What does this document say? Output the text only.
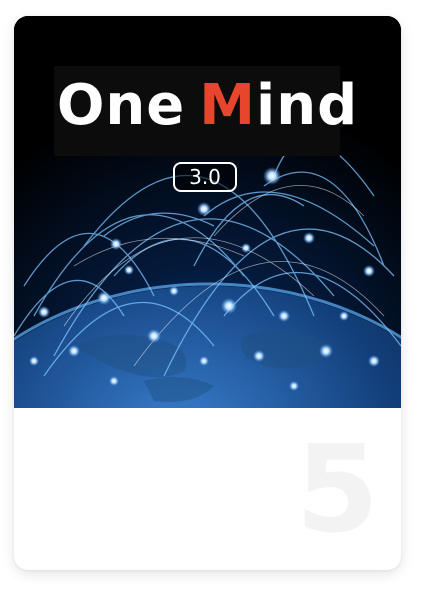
One Mind
3.0
5
